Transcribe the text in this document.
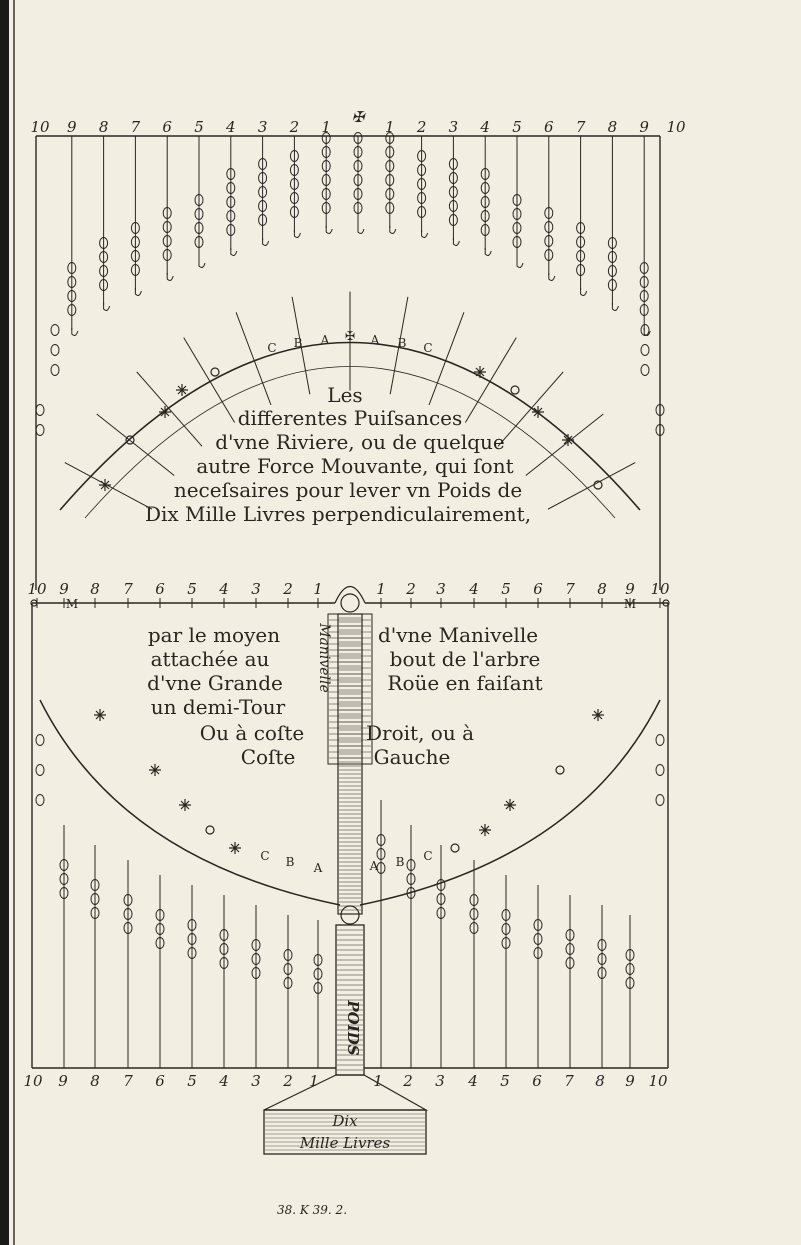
C B A ✠ A B C
C B A	A B C
10 9 8 7 6 5 4 3 2 1
✠
1 2 3 4 5 6 7 8 9 10
10 9 8 7 6 5 4 3 2 1	1 2 3 4 5 6 7 8 9 10
M	M
10 9 8 7 6 5 4 3 2 1	1 2 3 4 5 6 7 8 9 10
Les
differentes Puiſsances
d'vne Riviere, ou de quelque
autre Force Mouvante, qui ſont
neceſsaires pour lever vn Poids de
Dix Mille Livres perpendiculairement,
par le moyen
attachée au
d'vne Grande
un demi-Tour
Ou à coſte
Coſte
d'vne Manivelle
bout de l'arbre
Roüe en faiſant
Droit, ou à
Gauche
Manivelle
POIDS
Dix
Mille Livres
38. K 39. 2.
